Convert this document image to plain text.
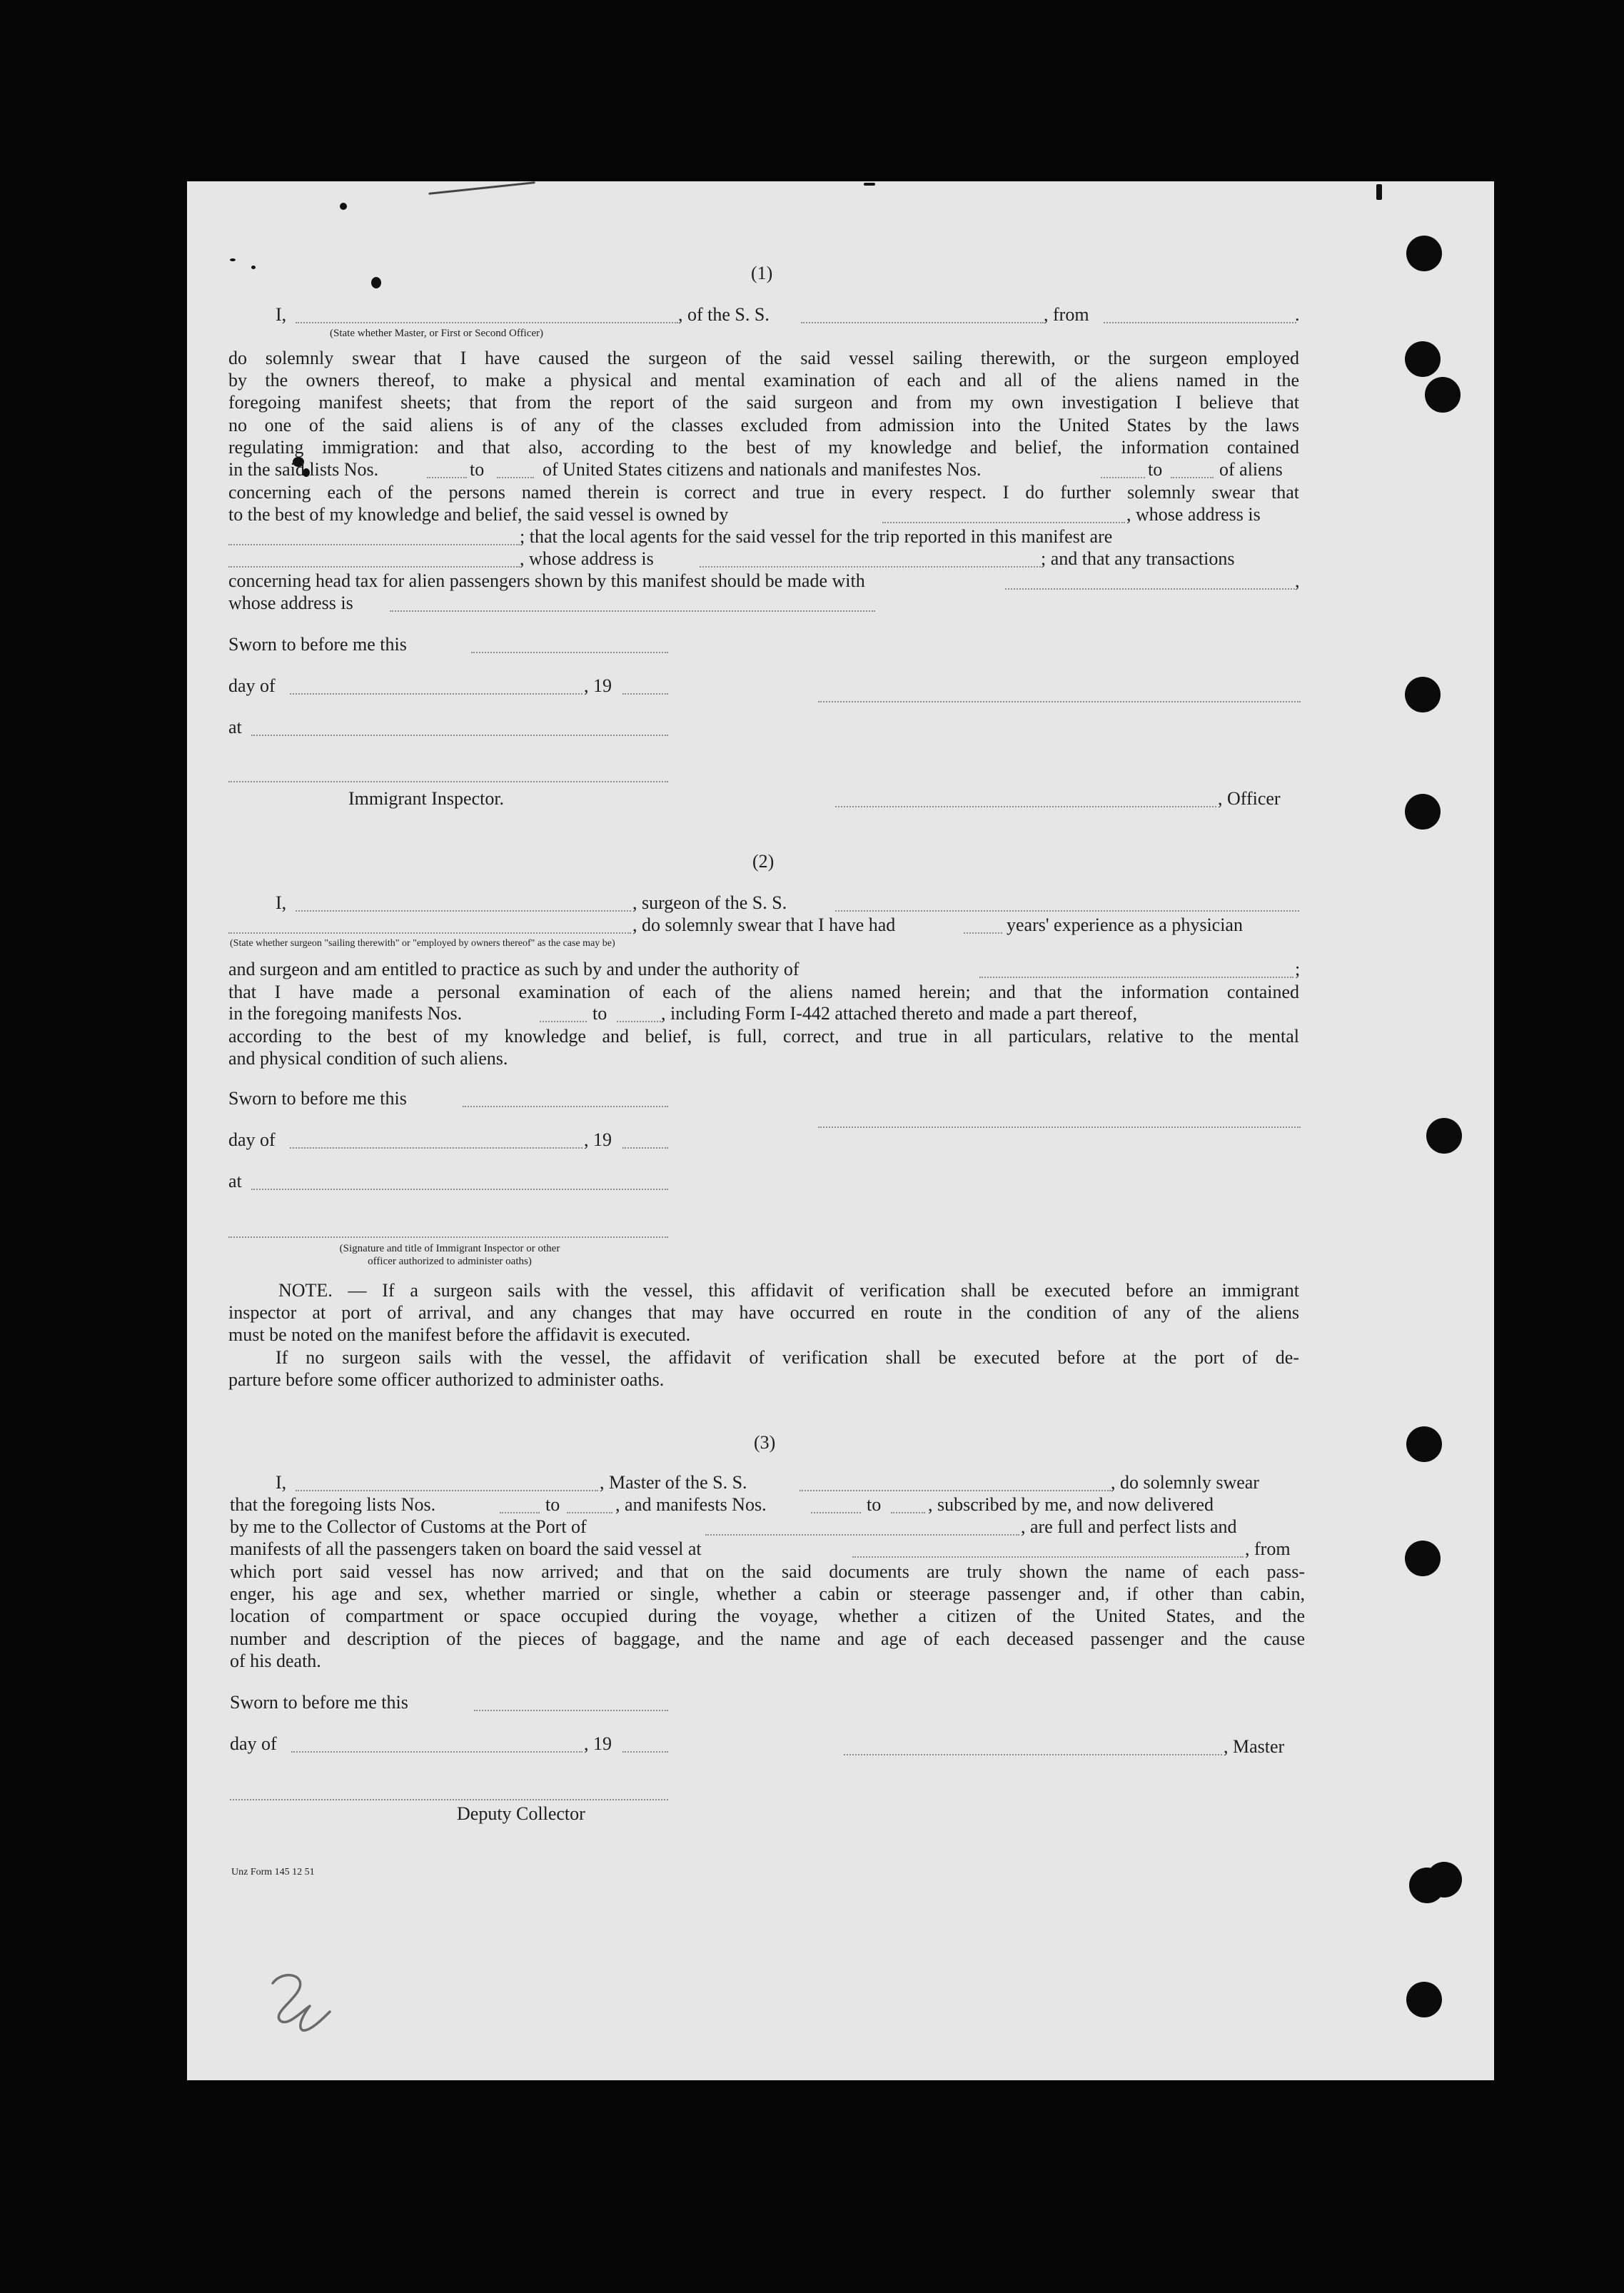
(1)
I,	, of the S. S.	, from	.
(State whether Master, or First or Second Officer)
do solemnly swear that I have caused the surgeon of the said vessel sailing therewith, or the surgeon employed
by the owners thereof, to make a physical and mental examination of each and all of the aliens named in the
foregoing manifest sheets; that from the report of the said surgeon and from my own investigation I believe that
no one of the said aliens is of any of the classes excluded from admission into the United States by the laws
regulating immigration: and that also, according to the best of my knowledge and belief, the information contained
in the said lists Nos.	to	of United States citizens and nationals and manifestes Nos.	to	of aliens
concerning each of the persons named therein is correct and true in every respect. I do further solemnly swear that
to the best of my knowledge and belief, the said vessel is owned by	, whose address is
; that the local agents for the said vessel for the trip reported in this manifest are
, whose address is	; and that any transactions
concerning head tax for alien passengers shown by this manifest should be made with	,
whose address is
Sworn to before me this
day of	, 19
at
Immigrant Inspector.	, Officer
(2)
I,	, surgeon of the S. S.
, do solemnly swear that I have had	years' experience as a physician
(State whether surgeon "sailing therewith" or "employed by owners thereof" as the case may be)
and surgeon and am entitled to practice as such by and under the authority of	;
that I have made a personal examination of each of the aliens named herein; and that the information contained
in the foregoing manifests Nos.	to	, including Form I-442 attached thereto and made a part thereof,
according to the best of my knowledge and belief, is full, correct, and true in all particulars, relative to the mental
and physical condition of such aliens.
Sworn to before me this
day of	, 19
at
(Signature and title of Immigrant Inspector or other
officer authorized to administer oaths)
NOTE. — If a surgeon sails with the vessel, this affidavit of verification shall be executed before an immigrant
inspector at port of arrival, and any changes that may have occurred en route in the condition of any of the aliens
must be noted on the manifest before the affidavit is executed.
If no surgeon sails with the vessel, the affidavit of verification shall be executed before at the port of de-
parture before some officer authorized to administer oaths.
(3)
I,	, Master of the S. S.	, do solemnly swear
that the foregoing lists Nos.	to	, and manifests Nos.	to	, subscribed by me, and now delivered
by me to the Collector of Customs at the Port of	, are full and perfect lists and
manifests of all the passengers taken on board the said vessel at	, from
which port said vessel has now arrived; and that on the said documents are truly shown the name of each pass-
enger, his age and sex, whether married or single, whether a cabin or steerage passenger and, if other than cabin,
location of compartment or space occupied during the voyage, whether a citizen of the United States, and the
number and description of the pieces of baggage, and the name and age of each deceased passenger and the cause
of his death.
Sworn to before me this
day of	, 19	, Master
Deputy Collector
Unz Form 145 12 51
